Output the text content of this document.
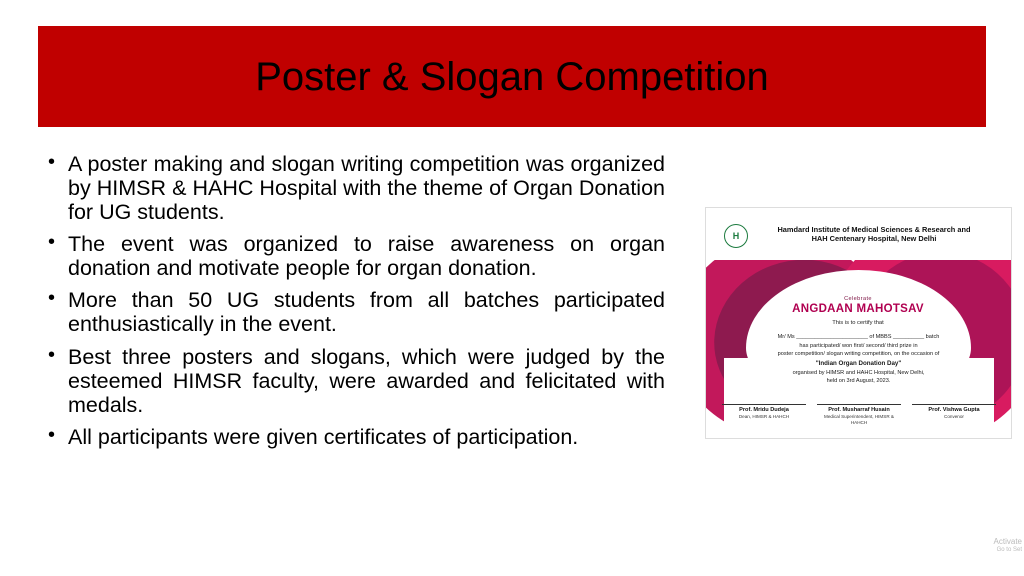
Poster & Slogan Competition
• A poster making and slogan writing competition was organized by HIMSR & HAHC Hospital with the theme of Organ Donation for UG students.
• The event was organized to raise awareness on organ donation and motivate people for organ donation.
• More than 50 UG students from all batches participated enthusiastically in the event.
• Best three posters and slogans, which were judged by the esteemed HIMSR faculty, were awarded and felicitated with medals.
• All participants were given certificates of participation.
H
Hamdard Institute of Medical Sciences & Research and
HAH Centenary Hospital, New Delhi
Celebrate
ANGDAAN MAHOTSAV
This is to certify that
Mr/ Ms _______________________ of MBBS __________ batch
has participated/ won first/ second/ third prize in
poster competition/ slogan writing competition, on the occasion of
"Indian Organ Donation Day"
organised by HIMSR and HAHC Hospital, New Delhi,
held on 3rd August, 2023.
Prof. Mridu Dudeja
Dean, HIMSR & HAHCH
Prof. Musharraf Husain
Medical Superintendent, HIMSR & HAHCH
Prof. Vishwa Gupta
Convenor
Activate
Go to Set
